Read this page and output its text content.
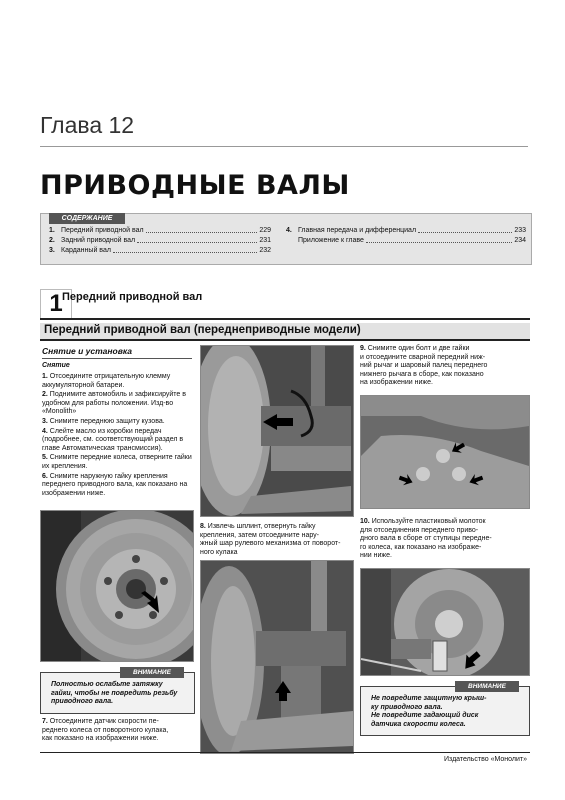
Глава 12
ПРИВОДНЫЕ ВАЛЫ
СОДЕРЖАНИЕ
1. Передний приводной вал	229
2. Задний приводной вал	231
3. Карданный вал	232
4. Главная передача и дифференциал	233
Приложение к главе	234
1 Передний приводной вал
Передний приводной вал (переднеприводные модели)
Снятие и установка
Снятие

1. Отсоедините отрицательную клемму аккумуляторной батареи.

2. Поднимите автомобиль и зафиксируйте в удобном для работы положении. Изд-во «Monolith»

3. Снимите переднюю защиту кузова.

4. Слейте масло из коробки передач (подробнее, см. соответствующий раздел в главе Автоматическая трансмиссия).

5. Снимите передние колеса, отверните гайки их крепления.

6. Снимите наружную гайку крепления переднего приводного вала, как показано на изображении ниже.

ВНИМАНИЕ
Полностью ослабьте затяжку
гайки, чтобы не повредить резьбу
приводного вала.
7. Отсоедините датчик скорости пе-
реднего колеса от поворотного кулака,
как показано на изображении ниже.
8. Извлечь шплинт, отвернуть гайку
крепления, затем отсоедините нару-
жный шар рулевого механизма от поворот-
ного кулака
9. Снимите один болт и две гайки
и отсоедините сварной передний ниж-
ний рычаг и шаровый палец переднего
нижнего рычага в сборе, как показано
на изображении ниже.
10. Используйте пластиковый молоток
для отсоединения переднего приво-
дного вала в сборе от ступицы передне-
го колеса, как показано на изображе-
нии ниже.
ВНИМАНИЕ
Не повредите защитную крыш-
ку приводного вала.
Не повредите задающий диск
датчика скорости колеса.
Издательство «Монолит»
